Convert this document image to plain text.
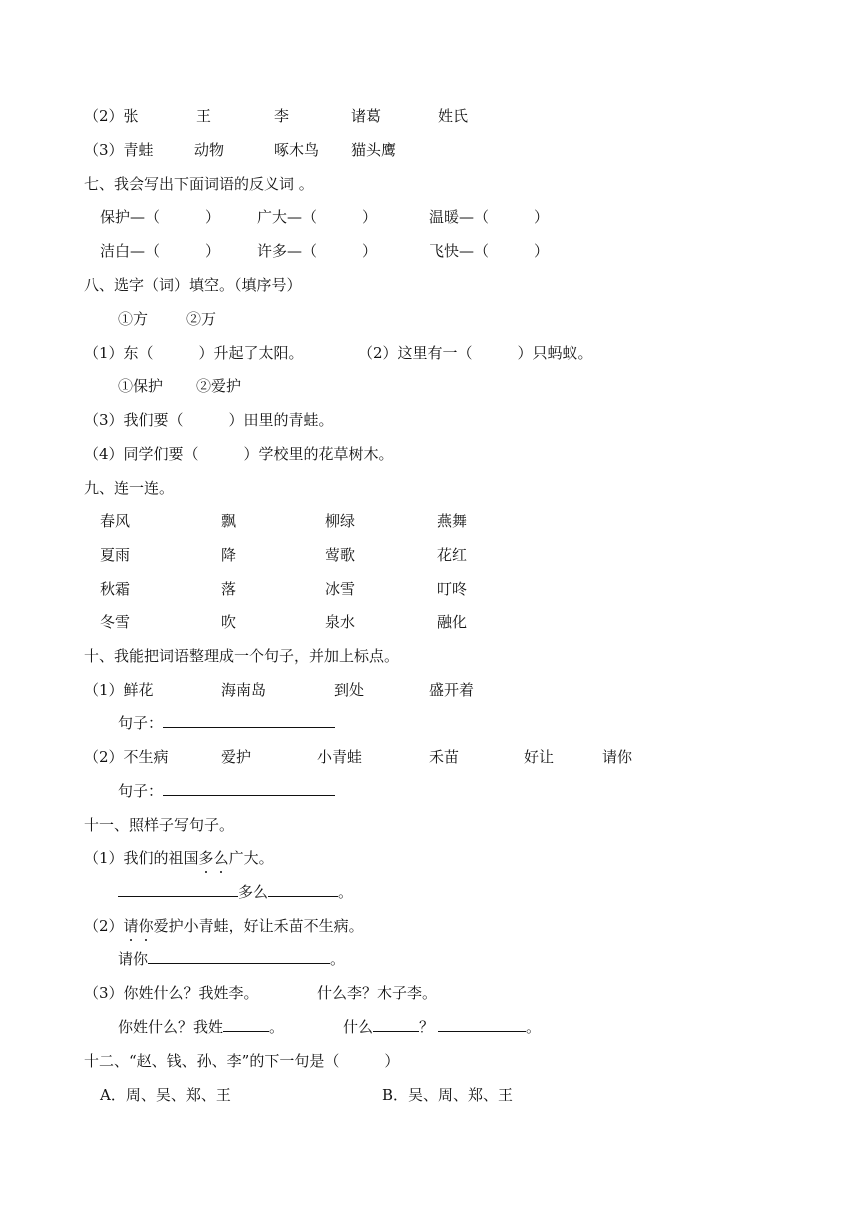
（2）张	王	李	诸葛	姓氏
（3）青蛙	动物	啄木鸟 猫头鹰
七、我会写出下面词语的反义词 。
保护—（　　　） 广大—（　　　）	温暖—（　　　）
洁白—（　　　） 许多—（　　　）	飞快—（　　　）
八、选字（词）填空。（填序号）
①方	②万
（1）东（　　　）升起了太阳。	（2）这里有一（　　　）只蚂蚁。
①保护 ②爱护
（3）我们要（　　　）田里的青蛙。
（4）同学们要（　　　）学校里的花草树木。
九、连一连。
春风	飘	柳绿	燕舞
夏雨	降	莺歌	花红
秋霜	落	冰雪	叮咚
冬雪	吹	泉水	融化
十、我能把词语整理成一个句子，并加上标点。
（1）鲜花	海南岛	到处	盛开着
句子：
（2）不生病	爱护	小青蛙	禾苗	好让	请你
句子：
十一、照样子写句子。
（1）我们的祖国多么广大。
多么	。
（2）请你爱护小青蛙，好让禾苗不生病。
请你	。
（3）你姓什么？我姓李。	什么李？木子李。
你姓什么？我姓	。	什么	？	。
十二、“赵、钱、孙、李”的下一句是（　　　）
A．周、吴、郑、王	B．吴、周、郑、王
